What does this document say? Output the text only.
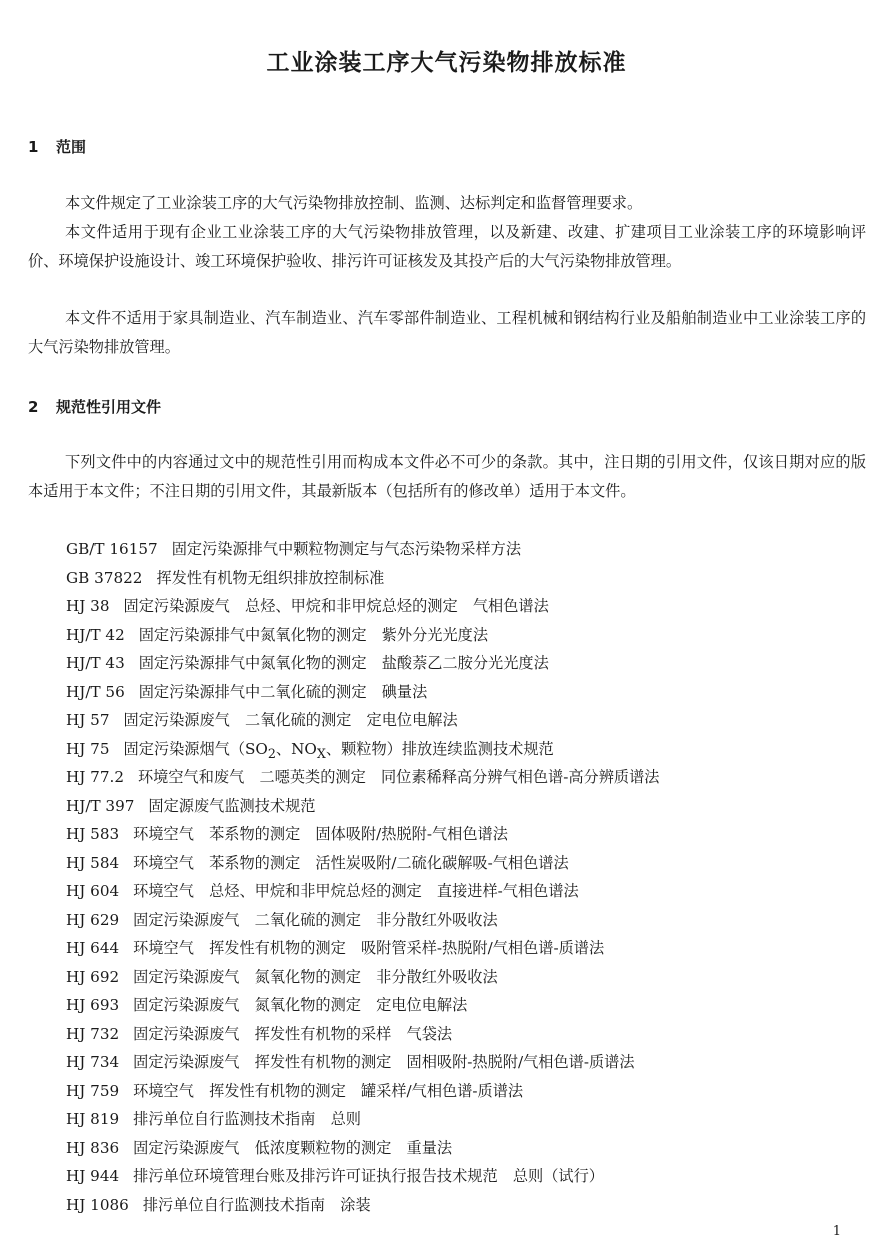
工业涂装工序大气污染物排放标准
1 范围

本文件规定了工业涂装工序的大气污染物排放控制、监测、达标判定和监督管理要求。

本文件适用于现有企业工业涂装工序的大气污染物排放管理，以及新建、改建、扩建项目工业涂装工序的环境影响评价、环境保护设施设计、竣工环境保护验收、排污许可证核发及其投产后的大气污染物排放管理。

本文件不适用于家具制造业、汽车制造业、汽车零部件制造业、工程机械和钢结构行业及船舶制造业中工业涂装工序的大气污染物排放管理。

2 规范性引用文件

下列文件中的内容通过文中的规范性引用而构成本文件必不可少的条款。其中，注日期的引用文件，仅该日期对应的版本适用于本文件；不注日期的引用文件，其最新版本（包括所有的修改单）适用于本文件。

GB/T 16157 固定污染源排气中颗粒物测定与气态污染物采样方法
GB 37822 挥发性有机物无组织排放控制标准
HJ 38 固定污染源废气　总烃、甲烷和非甲烷总烃的测定　气相色谱法
HJ/T 42 固定污染源排气中氮氧化物的测定　紫外分光光度法
HJ/T 43 固定污染源排气中氮氧化物的测定　盐酸萘乙二胺分光光度法
HJ/T 56 固定污染源排气中二氧化硫的测定　碘量法
HJ 57 固定污染源废气　二氧化硫的测定　定电位电解法
HJ 75 固定污染源烟气（$SO_2$、$NO_X$、颗粒物）排放连续监测技术规范
HJ 77.2 环境空气和废气　二噁英类的测定　同位素稀释高分辨气相色谱-高分辨质谱法
HJ/T 397 固定源废气监测技术规范
HJ 583 环境空气　苯系物的测定　固体吸附/热脱附-气相色谱法
HJ 584 环境空气　苯系物的测定　活性炭吸附/二硫化碳解吸-气相色谱法
HJ 604 环境空气　总烃、甲烷和非甲烷总烃的测定　直接进样-气相色谱法
HJ 629 固定污染源废气　二氧化硫的测定　非分散红外吸收法
HJ 644 环境空气　挥发性有机物的测定　吸附管采样-热脱附/气相色谱-质谱法
HJ 692 固定污染源废气　氮氧化物的测定　非分散红外吸收法
HJ 693 固定污染源废气　氮氧化物的测定　定电位电解法
HJ 732 固定污染源废气　挥发性有机物的采样　气袋法
HJ 734 固定污染源废气　挥发性有机物的测定　固相吸附-热脱附/气相色谱-质谱法
HJ 759 环境空气　挥发性有机物的测定　罐采样/气相色谱-质谱法
HJ 819 排污单位自行监测技术指南　总则
HJ 836 固定污染源废气　低浓度颗粒物的测定　重量法
HJ 944 排污单位环境管理台账及排污许可证执行报告技术规范　总则（试行）
HJ 1086 排污单位自行监测技术指南　涂装
1
